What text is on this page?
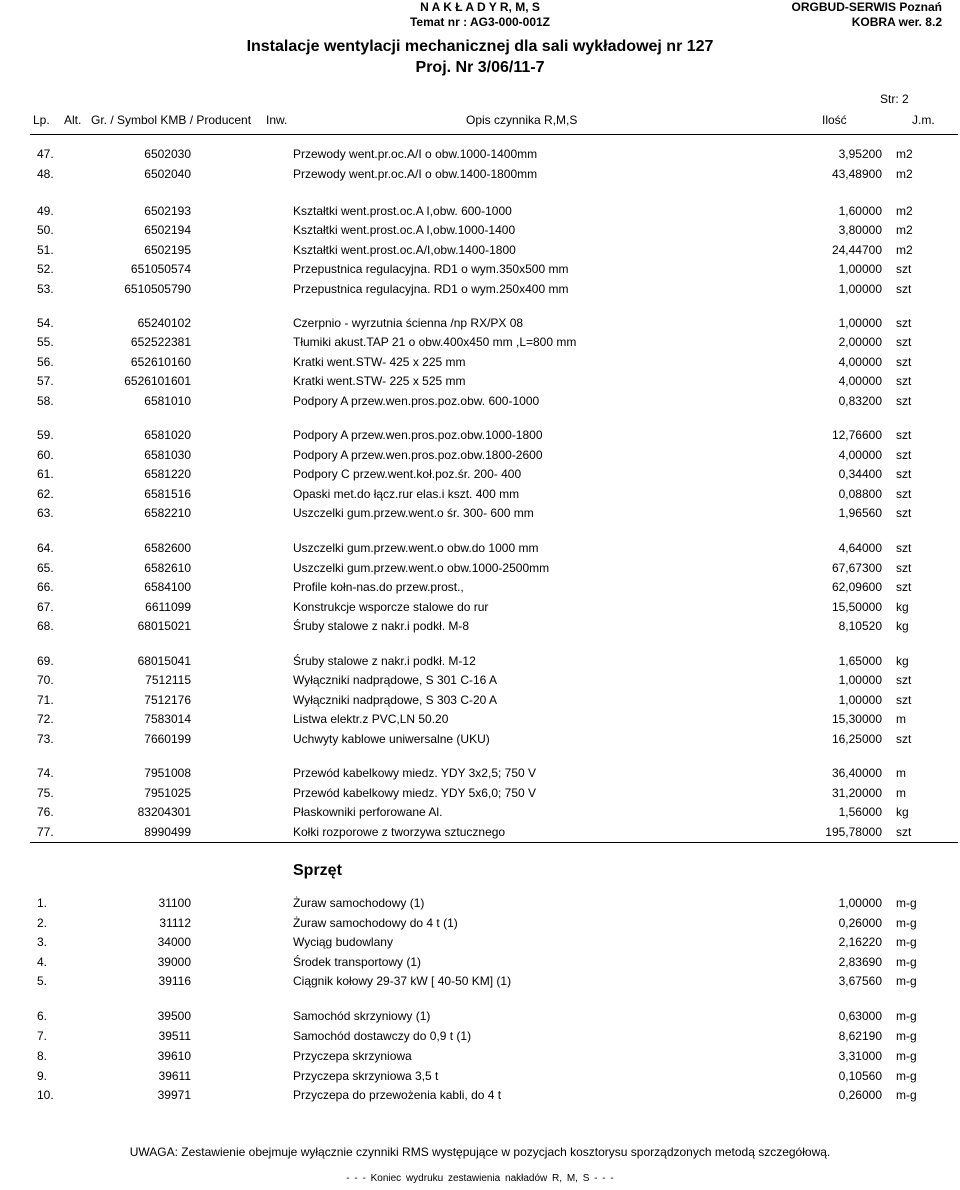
N A K Ł A D Y R, M, S
Temat nr : AG3-000-001Z
ORGBUD-SERWIS Poznań
KOBRA wer. 8.2
Instalacje wentylacji mechanicznej dla sali wykładowej nr 127
Proj. Nr 3/06/11-7
Str: 2
Lp. Alt. Gr. / Symbol KMB / Producent Inw.	Opis czynnika R,M,S	Ilość	J.m.
47.	6502030	Przewody went.pr.oc.A/I o obw.1000-1400mm	3,95200 m2
48.	6502040	Przewody went.pr.oc.A/I o obw.1400-1800mm	43,48900 m2
49.	6502193	Kształtki went.prost.oc.A I,obw. 600-1000	1,60000 m2
50.	6502194	Kształtki went.prost.oc.A I,obw.1000-1400	3,80000 m2
51.	6502195	Kształtki went.prost.oc.A/I,obw.1400-1800	24,44700 m2
52.	651050574	Przepustnica regulacyjna. RD1 o wym.350x500 mm	1,00000 szt
53.	6510505790	Przepustnica regulacyjna. RD1 o wym.250x400 mm	1,00000 szt
54.	65240102	Czerpnio - wyrzutnia ścienna /np RX/PX 08	1,00000 szt
55.	652522381	Tłumiki akust.TAP 21 o obw.400x450 mm ,L=800 mm	2,00000 szt
56.	652610160	Kratki went.STW- 425 x 225 mm	4,00000 szt
57.	6526101601	Kratki went.STW- 225 x 525 mm	4,00000 szt
58.	6581010	Podpory A przew.wen.pros.poz.obw. 600-1000	0,83200 szt
59.	6581020	Podpory A przew.wen.pros.poz.obw.1000-1800	12,76600 szt
60.	6581030	Podpory A przew.wen.pros.poz.obw.1800-2600	4,00000 szt
61.	6581220	Podpory C przew.went.koł.poz.śr. 200- 400	0,34400 szt
62.	6581516	Opaski met.do łącz.rur elas.i kszt. 400 mm	0,08800 szt
63.	6582210	Uszczelki gum.przew.went.o śr. 300- 600 mm	1,96560 szt
64.	6582600	Uszczelki gum.przew.went.o obw.do 1000 mm	4,64000 szt
65.	6582610	Uszczelki gum.przew.went.o obw.1000-2500mm	67,67300 szt
66.	6584100	Profile kołn-nas.do przew.prost.,	62,09600 szt
67.	6611099	Konstrukcje wsporcze stalowe do rur	15,50000 kg
68.	68015021	Śruby stalowe z nakr.i podkł. M-8	8,10520 kg
69.	68015041	Śruby stalowe z nakr.i podkł. M-12	1,65000 kg
70.	7512115	Wyłączniki nadprądowe, S 301 C-16 A	1,00000 szt
71.	7512176	Wyłączniki nadprądowe, S 303 C-20 A	1,00000 szt
72.	7583014	Listwa elektr.z PVC,LN 50.20	15,30000 m
73.	7660199	Uchwyty kablowe uniwersalne (UKU)	16,25000 szt
74.	7951008	Przewód kabelkowy miedz. YDY 3x2,5; 750 V	36,40000 m
75.	7951025	Przewód kabelkowy miedz. YDY 5x6,0; 750 V	31,20000 m
76.	83204301	Płaskowniki perforowane Al.	1,56000 kg
77.	8990499	Kołki rozporowe z tworzywa sztucznego	195,78000 szt
Sprzęt
1.	31100	Żuraw samochodowy (1)	1,00000 m-g
2.	31112	Żuraw samochodowy do 4 t (1)	0,26000 m-g
3.	34000	Wyciąg budowlany	2,16220 m-g
4.	39000	Środek transportowy (1)	2,83690 m-g
5.	39116	Ciągnik kołowy 29-37 kW [ 40-50 KM] (1)	3,67560 m-g
6.	39500	Samochód skrzyniowy (1)	0,63000 m-g
7.	39511	Samochód dostawczy do 0,9 t (1)	8,62190 m-g
8.	39610	Przyczepa skrzyniowa	3,31000 m-g
9.	39611	Przyczepa skrzyniowa 3,5 t	0,10560 m-g
10.	39971	Przyczepa do przewożenia kabli, do 4 t	0,26000 m-g
UWAGA: Zestawienie obejmuje wyłącznie czynniki RMS występujące w pozycjach kosztorysu sporządzonych metodą szczegółową.
- - - Koniec wydruku zestawienia nakładów R, M, S - - -
